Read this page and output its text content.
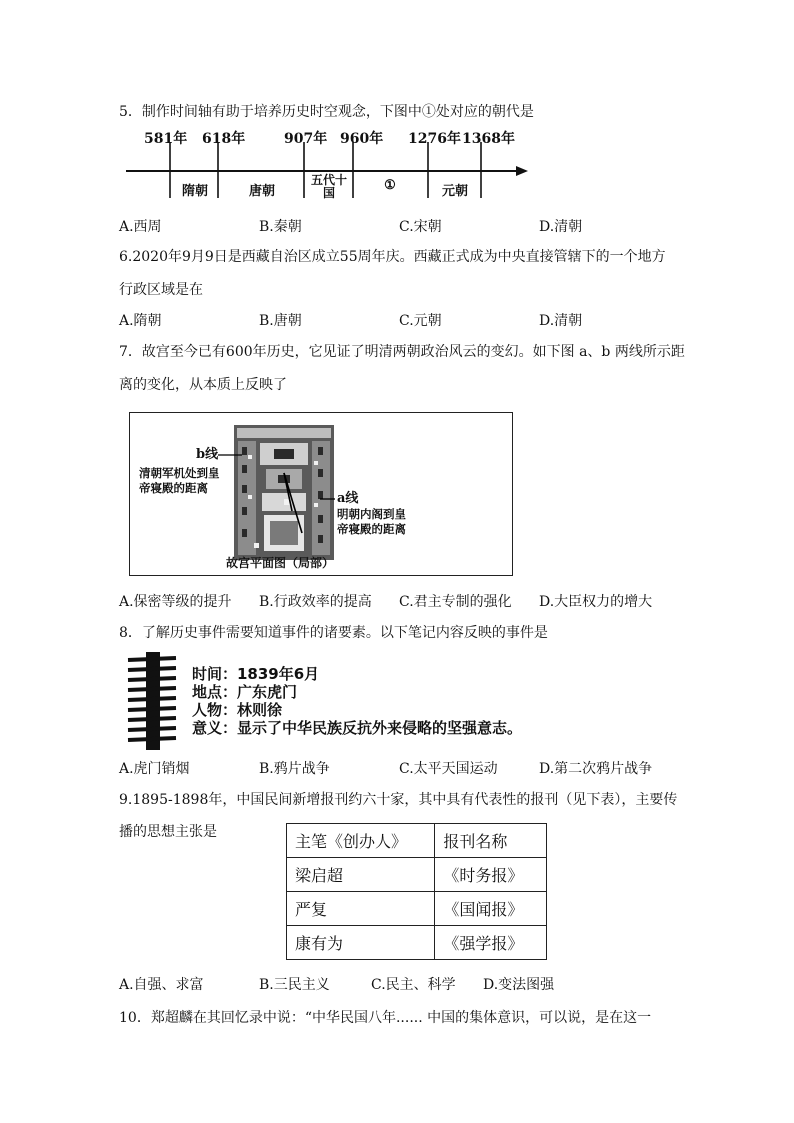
5．制作时间轴有助于培养历史时空观念，下图中①处对应的朝代是
581年 618年	907年 960年 1276年 1368年
隋朝	唐朝
五代十国	①	元朝
A.西周	B.秦朝	C.宋朝	D.清朝
6.2020年9月9日是西藏自治区成立55周年庆。西藏正式成为中央直接管辖下的一个地方
行政区域是在
A.隋朝	B.唐朝	C.元朝	D.清朝
7．故宫至今已有600年历史，它见证了明清两朝政治风云的变幻。如下图 a、b 两线所示距
离的变化，从本质上反映了
b线
清朝军机处到皇
帝寝殿的距离
a线
明朝内阁到皇
帝寝殿的距离
故宫平面图（局部）
A.保密等级的提升 B.行政效率的提高 C.君主专制的强化 D.大臣权力的增大
8．了解历史事件需要知道事件的诸要素。以下笔记内容反映的事件是
时间：1839年6月
地点：广东虎门
人物：林则徐
意义：显示了中华民族反抗外来侵略的坚强意志。
A.虎门销烟	B.鸦片战争	C.太平天国运动	D.第二次鸦片战争
9.1895-1898年，中国民间新增报刊约六十家，其中具有代表性的报刊（见下表），主要传
播的思想主张是	主笔《创办人》	报刊名称
梁启超	《时务报》
严复	《国闻报》
康有为	《强学报》
A.自强、求富	B.三民主义	C.民主、科学 D.变法图强
10．郑超麟在其回忆录中说：“中华民国八年...... 中国的集体意识，可以说，是在这一
